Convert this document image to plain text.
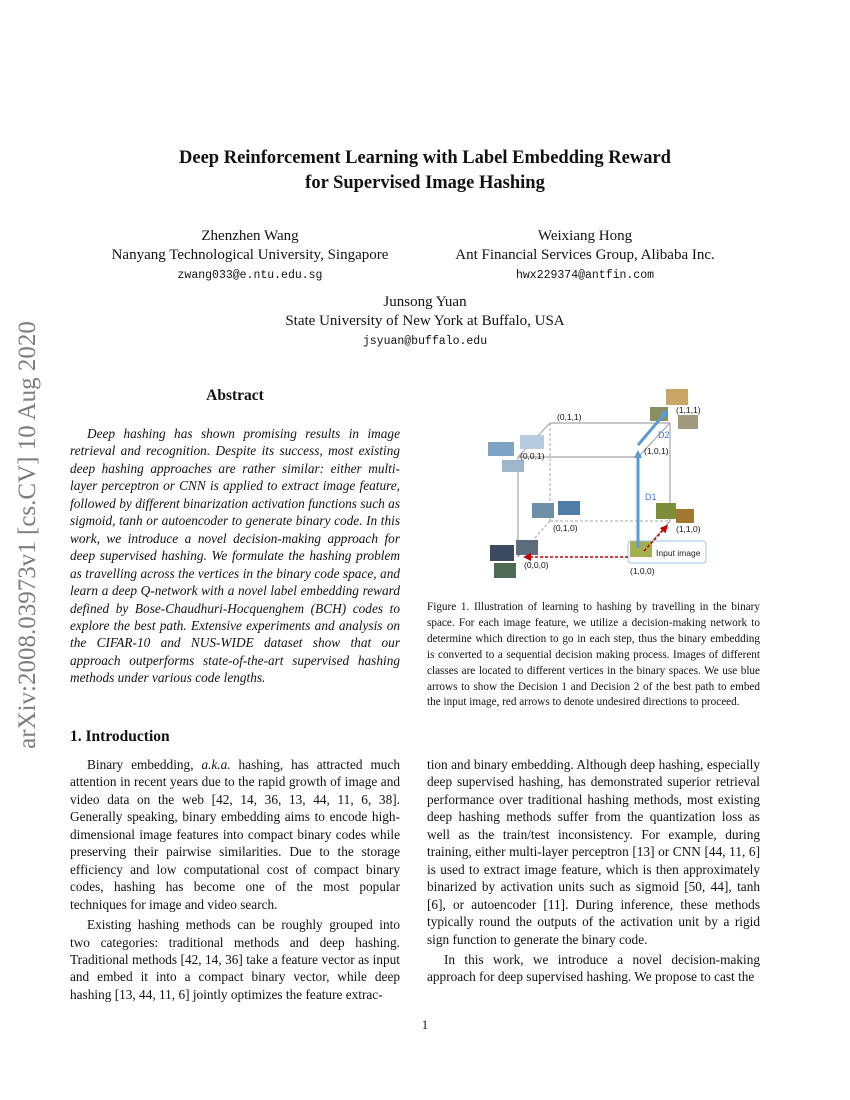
arXiv:2008.03973v1 [cs.CV] 10 Aug 2020
Deep Reinforcement Learning with Label Embedding Reward
for Supervised Image Hashing
Zhenzhen Wang
Nanyang Technological University, Singapore
zwang033@e.ntu.edu.sg
Weixiang Hong
Ant Financial Services Group, Alibaba Inc.
hwx229374@antfin.com
Junsong Yuan
State University of New York at Buffalo, USA
jsyuan@buffalo.edu
Abstract

Deep hashing has shown promising results in image retrieval and recognition. Despite its success, most existing deep hashing approaches are rather similar: either multi-layer perceptron or CNN is applied to extract image feature, followed by different binarization activation functions such as sigmoid, tanh or autoencoder to generate binary code. In this work, we introduce a novel decision-making approach for deep supervised hashing. We formulate the hashing problem as travelling across the vertices in the binary code space, and learn a deep Q-network with a novel label embedding reward defined by Bose-Chaudhuri-Hocquenghem (BCH) codes to explore the best path. Extensive experiments and analysis on the CIFAR-10 and NUS-WIDE dataset show that our approach outperforms state-of-the-art supervised hashing methods under various code lengths.

1. Introduction

Binary embedding, a.k.a. hashing, has attracted much attention in recent years due to the rapid growth of image and video data on the web [42, 14, 36, 13, 44, 11, 6, 38]. Generally speaking, binary embedding aims to encode high-dimensional image features into compact binary codes while preserving their pairwise similarities. Due to the storage efficiency and low computational cost of compact binary codes, hashing has become one of the most popular techniques for image and video search.

Existing hashing methods can be roughly grouped into two categories: traditional methods and deep hashing. Traditional methods [42, 14, 36] take a feature vector as input and embed it into a compact binary vector, while deep hashing [13, 44, 11, 6] jointly optimizes the feature extrac-

tion and binary embedding. Although deep hashing, especially deep supervised hashing, has demonstrated superior retrieval performance over traditional hashing methods, most existing deep hashing methods suffer from the quantization loss as well as the train/test inconsistency. For example, during training, either multi-layer perceptron [13] or CNN [44, 11, 6] is used to extract image feature, which is then approximately binarized by activation units such as sigmoid [50, 44], tanh [6], or autoencoder [11]. During inference, these methods typically round the outputs of the activation unit by a rigid sign function to generate the binary code.

In this work, we introduce a novel decision-making approach for deep supervised hashing. We propose to cast the

Input image
D1
D2
(0,0,0)
(1,0,0)
(0,1,0)	(1,1,0)
(0,0,1)	(1,0,1)
(0,1,1)
(1,1,1)
Figure 1. Illustration of learning to hashing by travelling in the binary space. For each image feature, we utilize a decision-making network to determine which direction to go in each step, thus the binary embedding is converted to a sequential decision making process. Images of different classes are located to different vertices in the binary spaces. We use blue arrows to show the Decision 1 and Decision 2 of the best path to embed the input image, red arrows to denote undesired directions to proceed.
1
